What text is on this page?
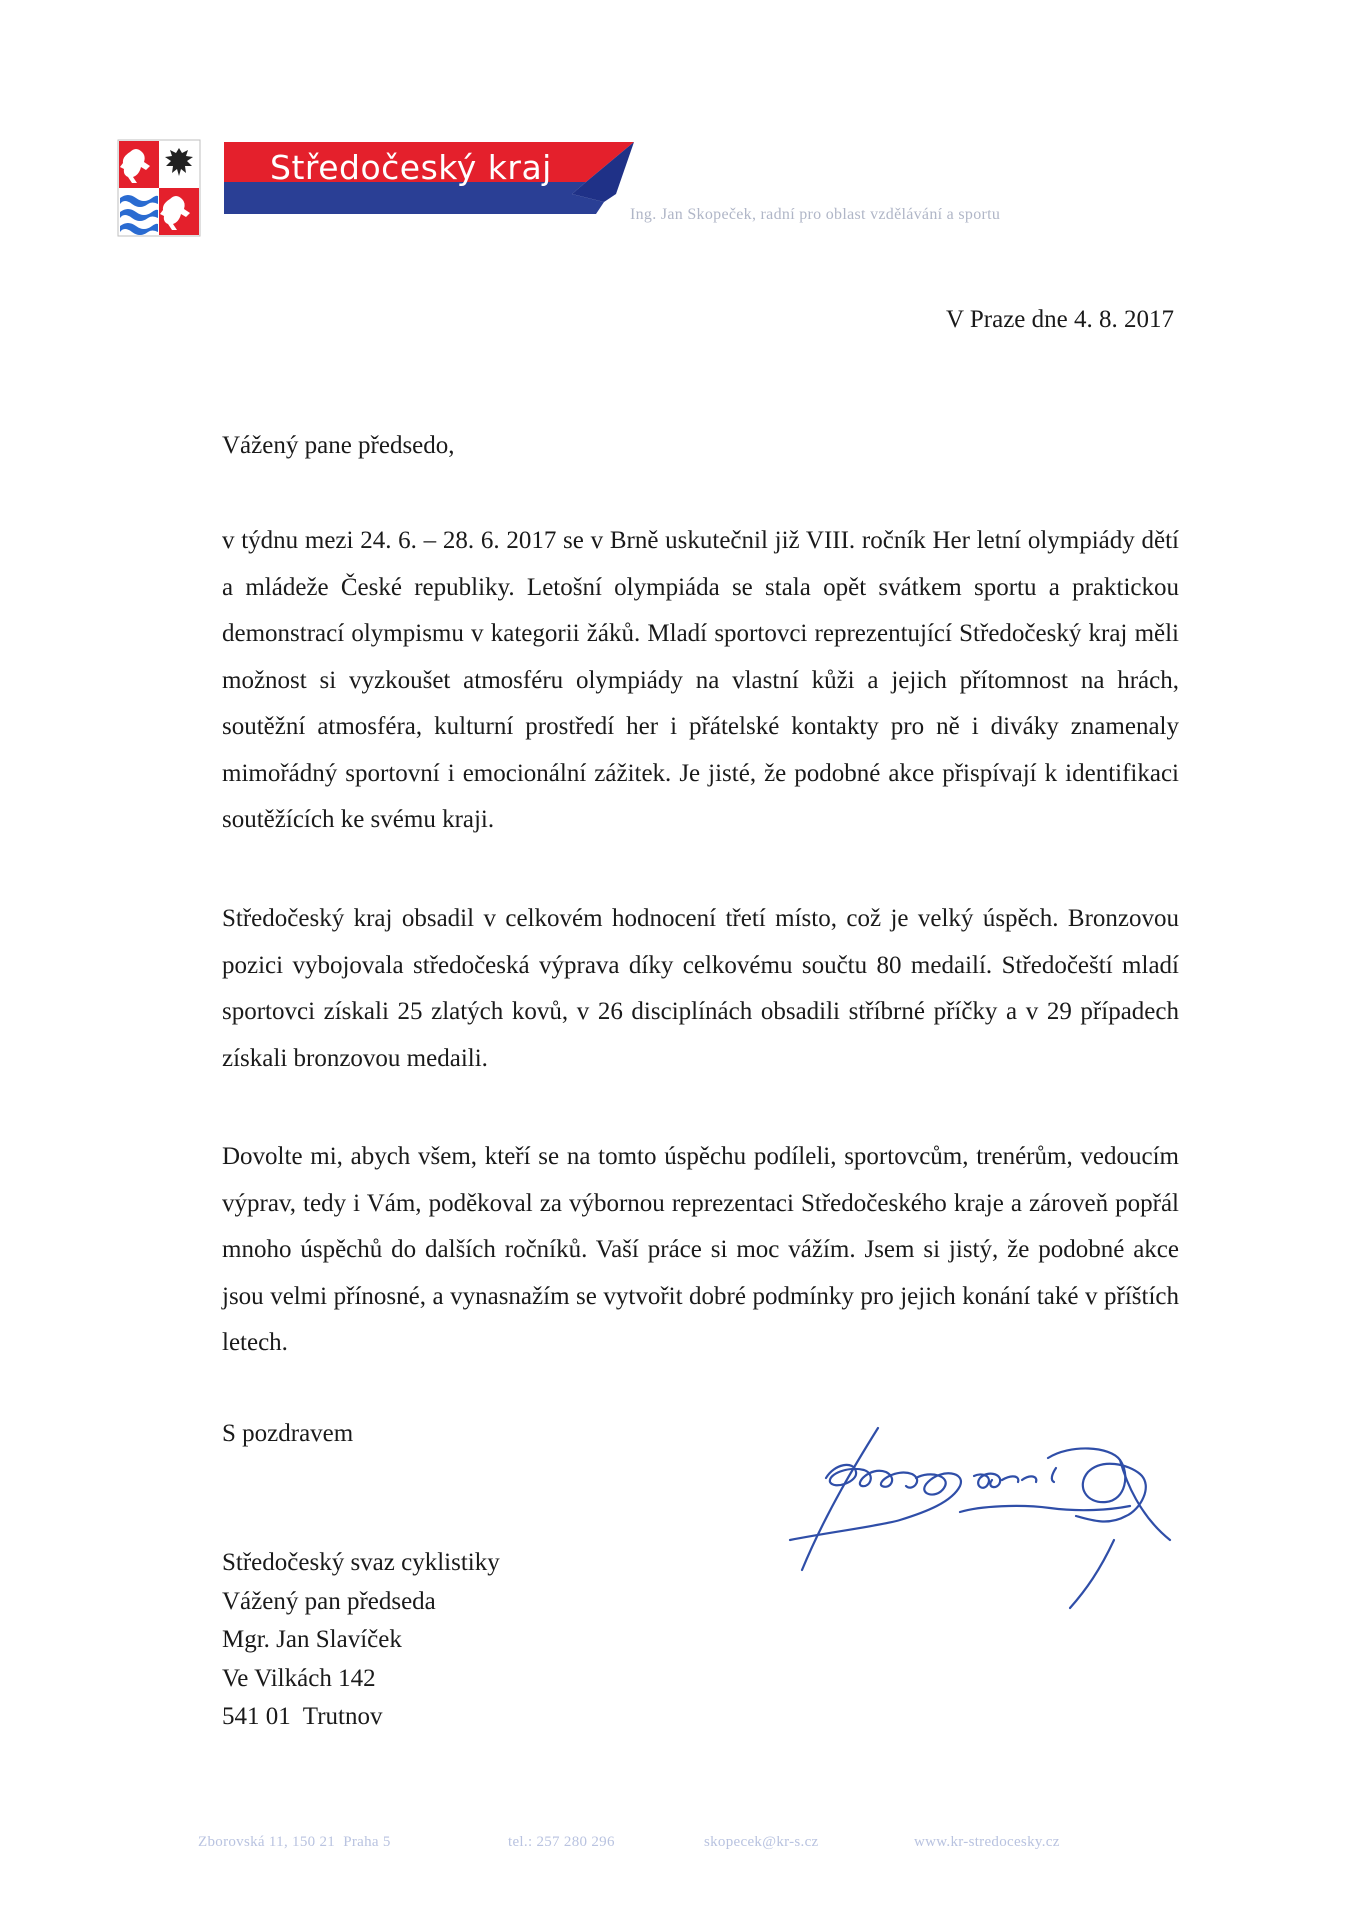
Středočeský kraj
Ing. Jan Skopeček, radní pro oblast vzdělávání a sportu
V Praze dne 4. 8. 2017
Vážený pane předsedo,
v týdnu mezi 24. 6. – 28. 6. 2017 se v Brně uskutečnil již VIII. ročník Her letní olympiády dětí a mládeže České republiky. Letošní olympiáda se stala opět svátkem sportu a praktickou demonstrací olympismu v kategorii žáků. Mladí sportovci reprezentující Středočeský kraj měli možnost si vyzkoušet atmosféru olympiády na vlastní kůži a jejich přítomnost na hrách, soutěžní atmosféra, kulturní prostředí her i přátelské kontakty pro ně i diváky znamenaly mimořádný sportovní i emocionální zážitek. Je jisté, že podobné akce přispívají k identifikaci soutěžících ke svému kraji.
Středočeský kraj obsadil v celkovém hodnocení třetí místo, což je velký úspěch. Bronzovou pozici vybojovala středočeská výprava díky celkovému součtu 80 medailí. Středočeští mladí sportovci získali 25 zlatých kovů, v 26 disciplínách obsadili stříbrné příčky a v 29 případech získali bronzovou medaili.
Dovolte mi, abych všem, kteří se na tomto úspěchu podíleli, sportovcům, trenérům, vedoucím výprav, tedy i Vám, poděkoval za výbornou reprezentaci Středočeského kraje a zároveň popřál mnoho úspěchů do dalších ročníků. Vaší práce si moc vážím. Jsem si jistý, že podobné akce jsou velmi přínosné, a vynasnažím se vytvořit dobré podmínky pro jejich konání také v příštích letech.
S pozdravem
Středočeský svaz cyklistiky
Vážený pan předseda
Mgr. Jan Slavíček
Ve Vilkách 142
541 01  Trutnov
Zborovská 11, 150 21  Praha 5	tel.: 257 280 296	skopecek@kr-s.cz	www.kr-stredocesky.cz
